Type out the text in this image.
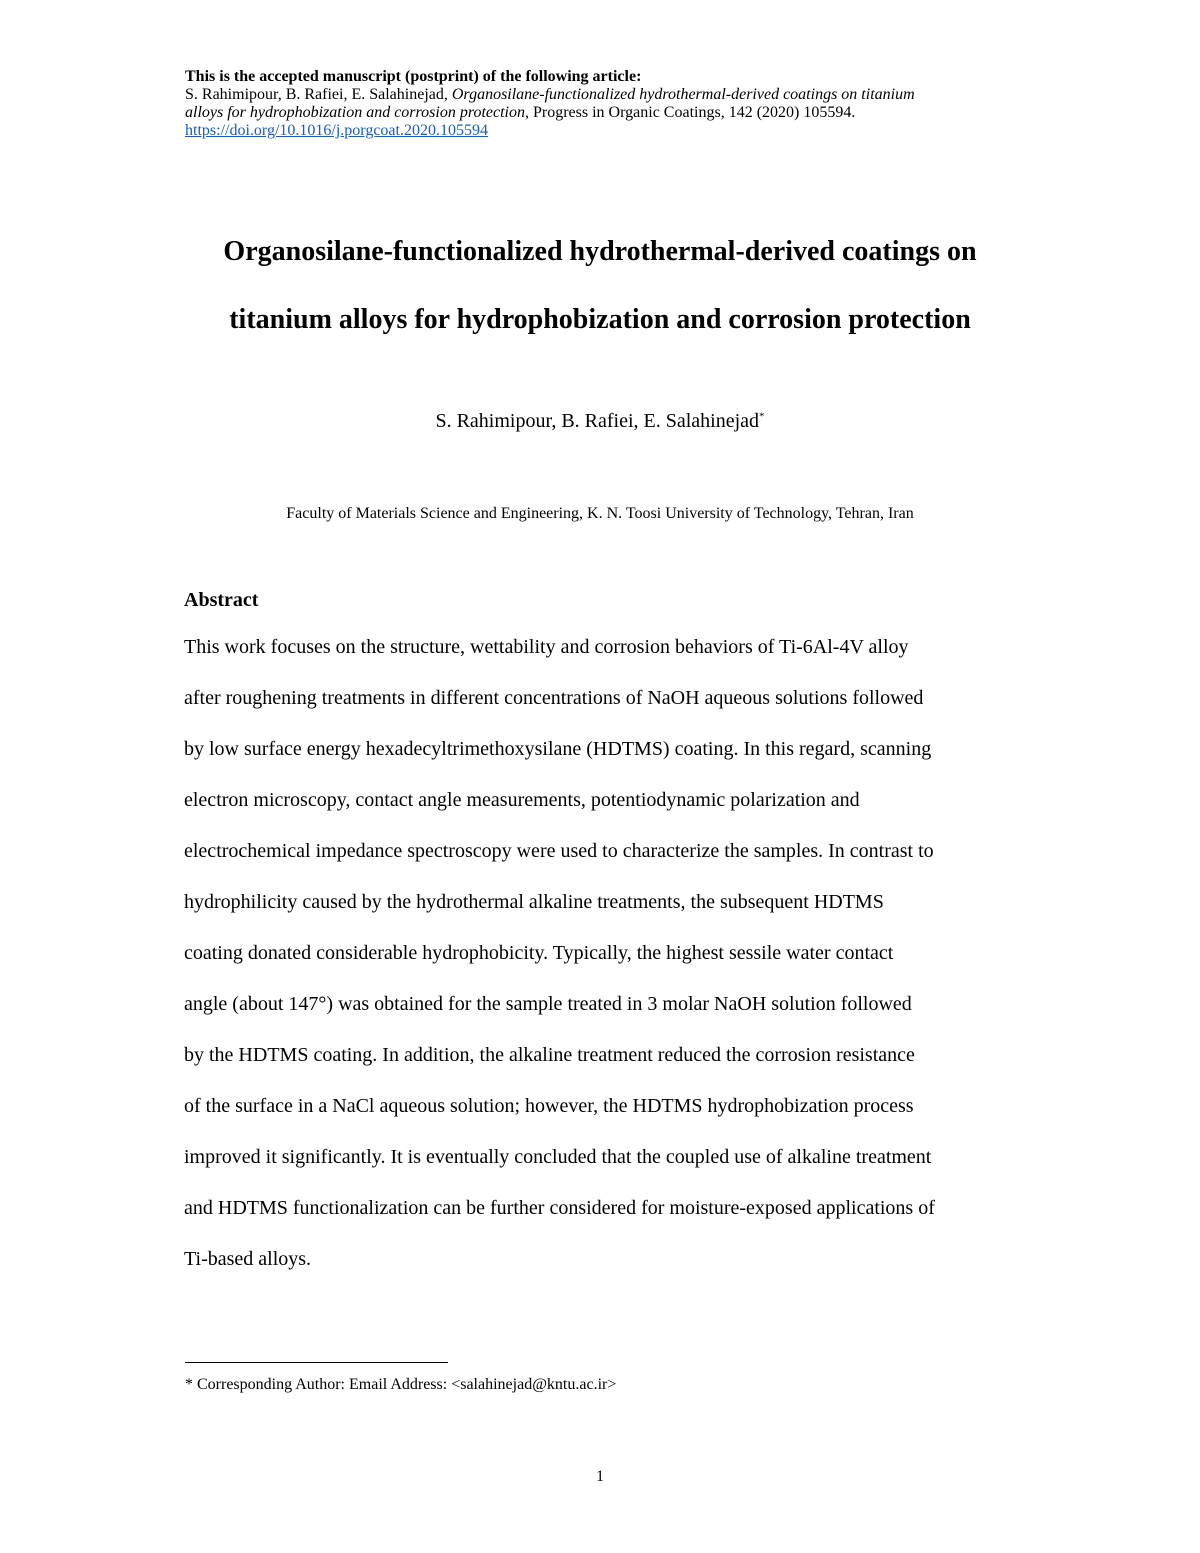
This is the accepted manuscript (postprint) of the following article:
S. Rahimipour, B. Rafiei, E. Salahinejad, Organosilane-functionalized hydrothermal-derived coatings on titanium
alloys for hydrophobization and corrosion protection, Progress in Organic Coatings, 142 (2020) 105594.
https://doi.org/10.1016/j.porgcoat.2020.105594
Organosilane-functionalized hydrothermal-derived coatings on
titanium alloys for hydrophobization and corrosion protection
S. Rahimipour, B. Rafiei, E. Salahinejad*
Faculty of Materials Science and Engineering, K. N. Toosi University of Technology, Tehran, Iran
Abstract
This work focuses on the structure, wettability and corrosion behaviors of Ti-6Al-4V alloy
after roughening treatments in different concentrations of NaOH aqueous solutions followed
by low surface energy hexadecyltrimethoxysilane (HDTMS) coating. In this regard, scanning
electron microscopy, contact angle measurements, potentiodynamic polarization and
electrochemical impedance spectroscopy were used to characterize the samples. In contrast to
hydrophilicity caused by the hydrothermal alkaline treatments, the subsequent HDTMS
coating donated considerable hydrophobicity. Typically, the highest sessile water contact
angle (about 147°) was obtained for the sample treated in 3 molar NaOH solution followed
by the HDTMS coating. In addition, the alkaline treatment reduced the corrosion resistance
of the surface in a NaCl aqueous solution; however, the HDTMS hydrophobization process
improved it significantly. It is eventually concluded that the coupled use of alkaline treatment
and HDTMS functionalization can be further considered for moisture-exposed applications of
Ti-based alloys.
* Corresponding Author: Email Address: <salahinejad@kntu.ac.ir>
1
